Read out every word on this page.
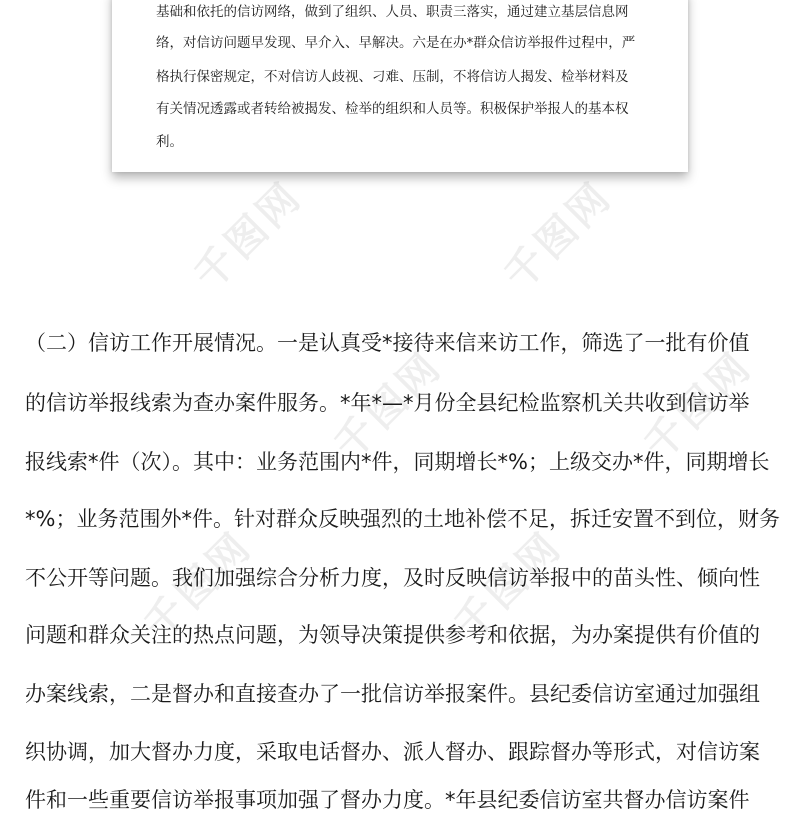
千图网	千图网
千图网	千图网
千图网	千图网
基础和依托的信访网络，做到了组织、人员、职责三落实，通过建立基层信息网
络，对信访问题早发现、早介入、早解决。六是在办*群众信访举报件过程中，严
格执行保密规定，不对信访人歧视、刁难、压制，不将信访人揭发、检举材料及
有关情况透露或者转给被揭发、检举的组织和人员等。积极保护举报人的基本权
利。
（二）信访工作开展情况。一是认真受*接待来信来访工作，筛选了一批有价值
的信访举报线索为查办案件服务。*年*—*月份全县纪检监察机关共收到信访举
报线索*件（次）。其中：业务范围内*件，同期增长*%；上级交办*件，同期增长
*%；业务范围外*件。针对群众反映强烈的土地补偿不足，拆迁安置不到位，财务
不公开等问题。我们加强综合分析力度，及时反映信访举报中的苗头性、倾向性
问题和群众关注的热点问题，为领导决策提供参考和依据，为办案提供有价值的
办案线索，二是督办和直接查办了一批信访举报案件。县纪委信访室通过加强组
织协调，加大督办力度，采取电话督办、派人督办、跟踪督办等形式，对信访案
件和一些重要信访举报事项加强了督办力度。*年县纪委信访室共督办信访案件
